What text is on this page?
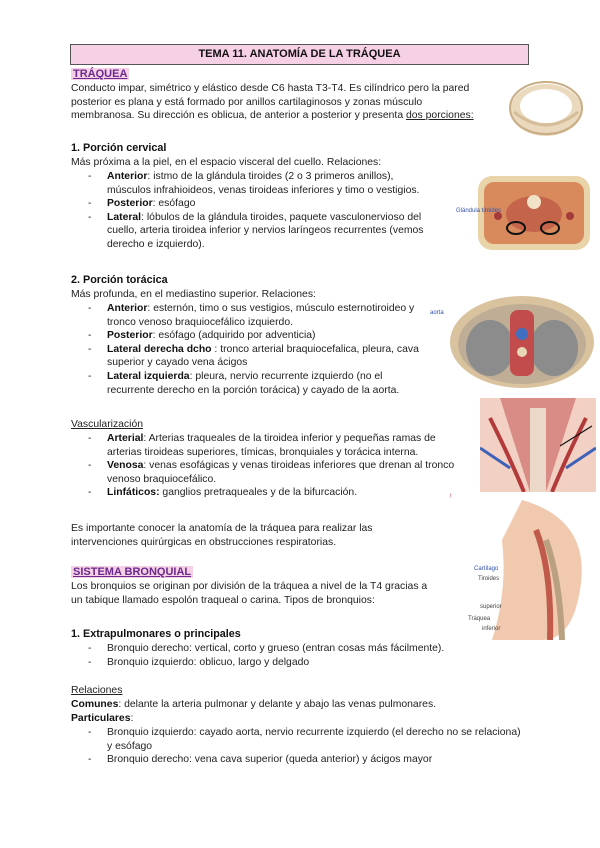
TEMA 11. ANATOMÍA DE LA TRÁQUEA
TRÁQUEA
Conducto impar, simétrico y elástico desde C6 hasta T3-T4. Es cilíndrico pero la pared
posterior es plana y está formado por anillos cartilaginosos y zonas músculo
membranosa. Su dirección es oblicua, de anterior a posterior y presenta dos porciones:
1. Porción cervical
Más próxima a la piel, en el espacio visceral del cuello. Relaciones:
- Anterior: istmo de la glándula tiroides (2 o 3 primeros anillos), músculos infrahioideos, venas tiroideas inferiores y timo o vestigios.
- Posterior: esófago
- Lateral: lóbulos de la glándula tiroides, paquete vasculonervioso del cuello, arteria tiroidea inferior y nervios laríngeos recurrentes (vemos derecho e izquierdo).
Glándula tiroides
2. Porción torácica
Más profunda, en el mediastino superior. Relaciones:
- Anterior: esternón, timo o sus vestigios, músculo esternotiroideo y tronco venoso braquiocefálico izquierdo.
- Posterior: esófago (adquirido por adventicia)
- Lateral derecha dcho : tronco arterial braquiocefalica, pleura, cava superior y cayado vena ácigos
- Lateral izquierda: pleura, nervio recurrente izquierdo (no el recurrente derecho en la porción torácica) y cayado de la aorta.
aorta
Vascularización
- Arterial: Arterias traqueales de la tiroidea inferior y pequeñas ramas de arterias tiroideas superiores, tímicas, bronquiales y torácica interna.
- Venosa: venas esofágicas y venas tiroideas inferiores que drenan al tronco venoso braquiocefálico.
- Linfáticos: ganglios pretraqueales y de la bifurcación.	!
Es importante conocer la anatomía de la tráquea para realizar las
intervenciones quirúrgicas en obstrucciones respiratorias.
SISTEMA BRONQUIAL
Los bronquios se originan por división de la tráquea a nivel de la T4 gracias a
un tabique llamado espolón traqueal o carina. Tipos de bronquios:
Cartílago
Tiroides
superior
Tráquea
inferior
1. Extrapulmonares o principales
- Bronquio derecho: vertical, corto y grueso (entran cosas más fácilmente).
- Bronquio izquierdo: oblicuo, largo y delgado
Relaciones
Comunes: delante la arteria pulmonar y delante y abajo las venas pulmonares.
Particulares:
- Bronquio izquierdo: cayado aorta, nervio recurrente izquierdo (el derecho no se relaciona) y esófago
- Bronquio derecho: vena cava superior (queda anterior) y ácigos mayor
